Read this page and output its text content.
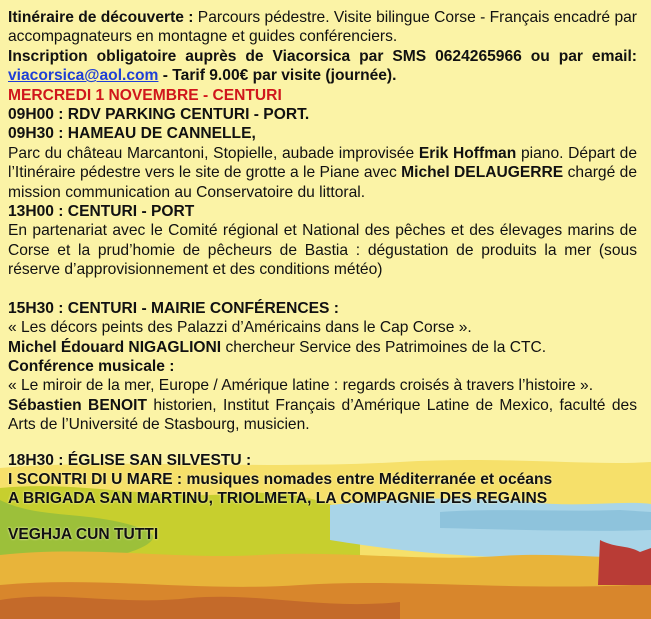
Itinéraire de découverte : Parcours pédestre. Visite bilingue Corse - Français encadré par accompagnateurs en montagne et guides conférenciers.

Inscription obligatoire auprès de Viacorsica par SMS 0624265966 ou par email: viacorsica@aol.com - Tarif 9.00€ par visite (journée).

MERCREDI 1 NOVEMBRE - CENTURI

09H00 : RDV PARKING CENTURI - PORT.

09H30 : HAMEAU DE CANNELLE,

Parc du château Marcantoni, Stopielle, aubade improvisée Erik Hoffman piano. Départ de l’Itinéraire pédestre vers le site de grotte a le Piane avec Michel DELAUGERRE chargé de mission communication au Conservatoire du littoral.

13H00 : CENTURI - PORT

En partenariat avec le Comité régional et National des pêches et des élevages marins de Corse et la prud’homie de pêcheurs de Bastia : dégustation de produits la mer (sous réserve d’approvisionnement et des conditions météo)

15H30 : CENTURI - MAIRIE CONFÉRENCES :

« Les décors peints des Palazzi d’Américains dans le Cap Corse ».

Michel Édouard NIGAGLIONI chercheur Service des Patrimoines de la CTC.

Conférence musicale :

« Le miroir de la mer, Europe / Amérique latine : regards croisés à travers l’histoire ».

Sébastien BENOIT historien, Institut Français d’Amérique Latine de Mexico, faculté des Arts de l’Université de Stasbourg, musicien.

18H30 : ÉGLISE SAN SILVESTU :

I SCONTRI DI U MARE : musiques nomades entre Méditerranée et océans

A BRIGADA SAN MARTINU, TRIOLMETA, LA COMPAGNIE DES REGAINS

VEGHJA CUN TUTTI
